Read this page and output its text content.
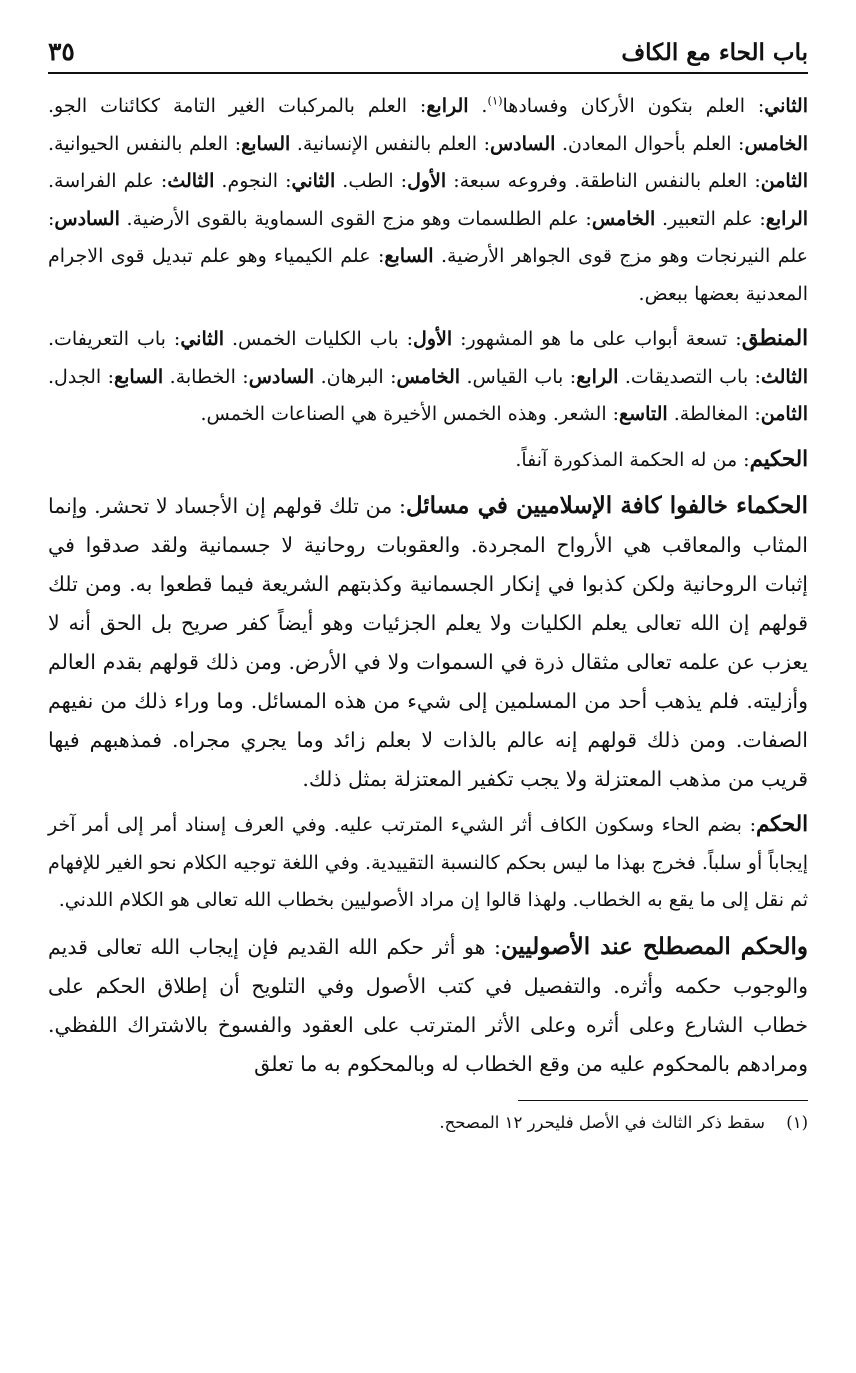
باب الحاء مع الكاف
٣٥

الثاني: العلم بتكون الأركان وفسادها$^{(١)}$. الرابع: العلم بالمركبات الغير التامة ككائنات الجو. الخامس: العلم بأحوال المعادن. السادس: العلم بالنفس الإنسانية. السابع: العلم بالنفس الحيوانية. الثامن: العلم بالنفس الناطقة. وفروعه سبعة: الأول: الطب. الثاني: النجوم. الثالث: علم الفراسة. الرابع: علم التعبير. الخامس: علم الطلسمات وهو مزج القوى السماوية بالقوى الأرضية. السادس: علم النيرنجات وهو مزج قوى الجواهر الأرضية. السابع: علم الكيمياء وهو علم تبديل قوى الاجرام المعدنية بعضها ببعض.

المنطق: تسعة أبواب على ما هو المشهور: الأول: باب الكليات الخمس. الثاني: باب التعريفات. الثالث: باب التصديقات. الرابع: باب القياس. الخامس: البرهان. السادس: الخطابة. السابع: الجدل. الثامن: المغالطة. التاسع: الشعر. وهذه الخمس الأخيرة هي الصناعات الخمس.

الحكيم: من له الحكمة المذكورة آنفاً.

الحكماء خالفوا كافة الإسلاميين في مسائل: من تلك قولهم إن الأجساد لا تحشر. وإنما المثاب والمعاقب هي الأرواح المجردة. والعقوبات روحانية لا جسمانية ولقد صدقوا في إثبات الروحانية ولكن كذبوا في إنكار الجسمانية وكذبتهم الشريعة فيما قطعوا به. ومن تلك قولهم إن الله تعالى يعلم الكليات ولا يعلم الجزئيات وهو أيضاً كفر صريح بل الحق أنه لا يعزب عن علمه تعالى مثقال ذرة في السموات ولا في الأرض. ومن ذلك قولهم بقدم العالم وأزليته. فلم يذهب أحد من المسلمين إلى شيء من هذه المسائل. وما وراء ذلك من نفيهم الصفات. ومن ذلك قولهم إنه عالم بالذات لا بعلم زائد وما يجري مجراه. فمذهبهم فيها قريب من مذهب المعتزلة ولا يجب تكفير المعتزلة بمثل ذلك.

الحكم: بضم الحاء وسكون الكاف أثر الشيء المترتب عليه. وفي العرف إسناد أمر إلى أمر آخر إيجاباً أو سلباً. فخرج بهذا ما ليس بحكم كالنسبة التقييدية. وفي اللغة توجيه الكلام نحو الغير للإفهام ثم نقل إلى ما يقع به الخطاب. ولهذا قالوا إن مراد الأصوليين بخطاب الله تعالى هو الكلام اللدني.

والحكم المصطلح عند الأصوليين: هو أثر حكم الله القديم فإن إيجاب الله تعالى قديم والوجوب حكمه وأثره. والتفصيل في كتب الأصول وفي التلويح أن إطلاق الحكم على خطاب الشارع وعلى أثره وعلى الأثر المترتب على العقود والفسوخ بالاشتراك اللفظي. ومرادهم بالمحكوم عليه من وقع الخطاب له وبالمحكوم به ما تعلق

(١) سقط ذكر الثالث في الأصل فليحرر ١٢ المصحح.
